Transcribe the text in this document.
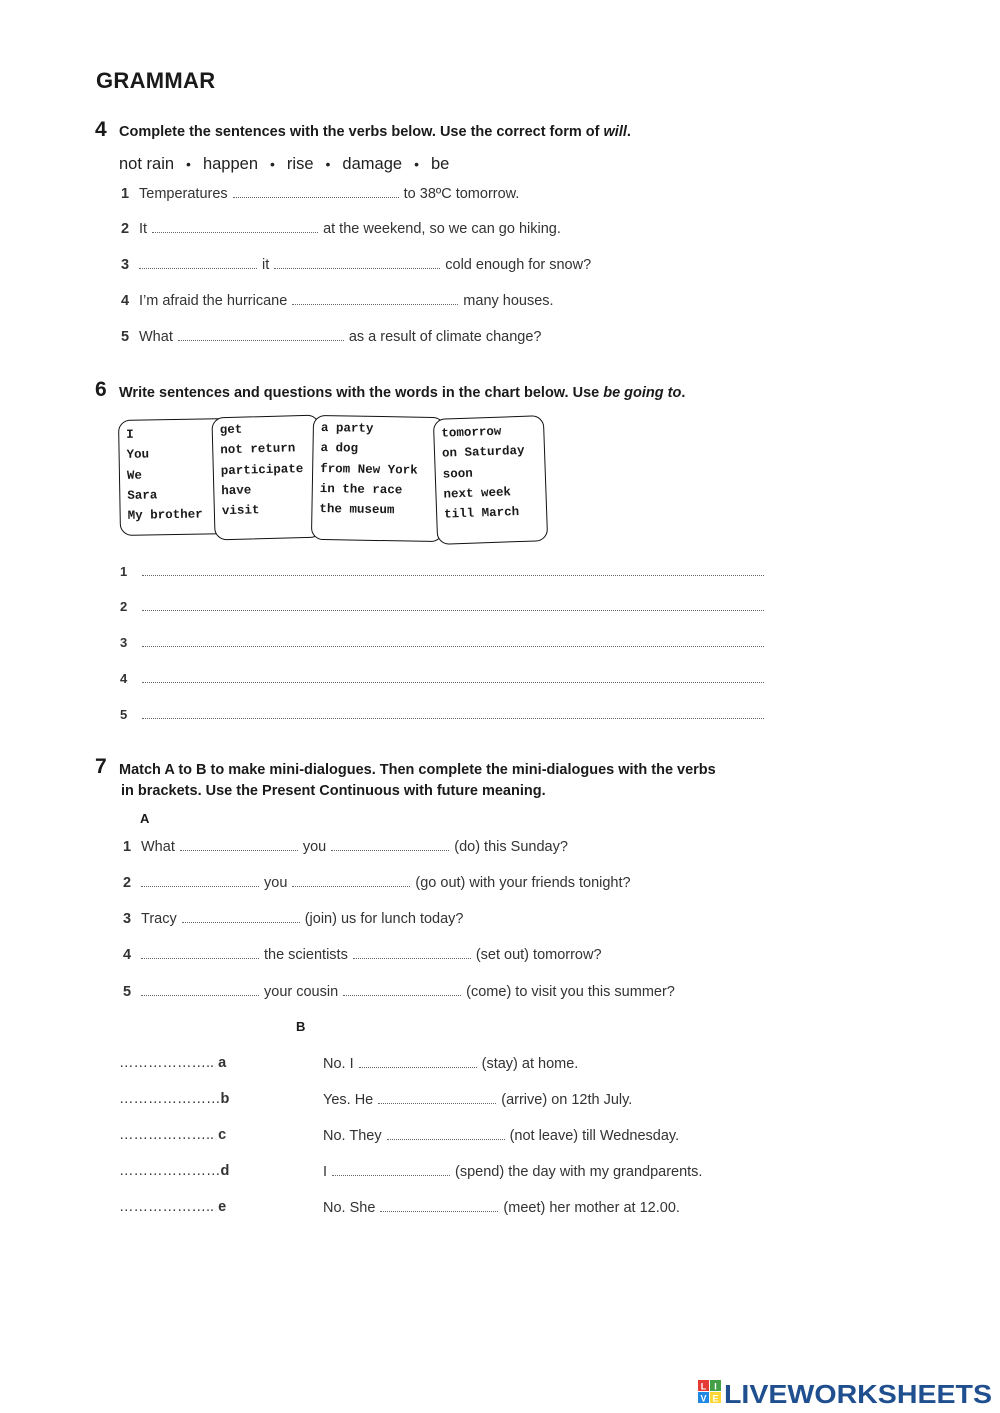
GRAMMAR
4 Complete the sentences with the verbs below. Use the correct form of will.
not rain • happen • rise • damage • be
1 Temperatures	to 38ºC tomorrow.
2 It	at the weekend, so we can go hiking.
3	it	cold enough for snow?
4 I’m afraid the hurricane	many houses.
5 What	as a result of climate change?
6 Write sentences and questions with the words in the chart below. Use be going to.
I
You
We
Sara
My brother
get
not return
participate
have
visit
a party
a dog
from New York
in the race
the museum
tomorrow
on Saturday
soon
next week
till March
1
2
3
4
5
7 Match A to B to make mini-dialogues. Then complete the mini-dialogues with the verbs
in brackets. Use the Present Continuous with future meaning.
A
1 What	you	(do) this Sunday?
2	you	(go out) with your friends tonight?
3 Tracy	(join) us for lunch today?
4	the scientists	(set out) tomorrow?
5	your cousin	(come) to visit you this summer?
B
……………….. a	No. I	(stay) at home.
…………………b	Yes. He	(arrive) on 12th July.
……………….. c	No. They	(not leave) till Wednesday.
…………………d	I	(spend) the day with my grandparents.
……………….. e	No. She	(meet) her mother at 12.00.
L I
V E LIVEWORKSHEETS
